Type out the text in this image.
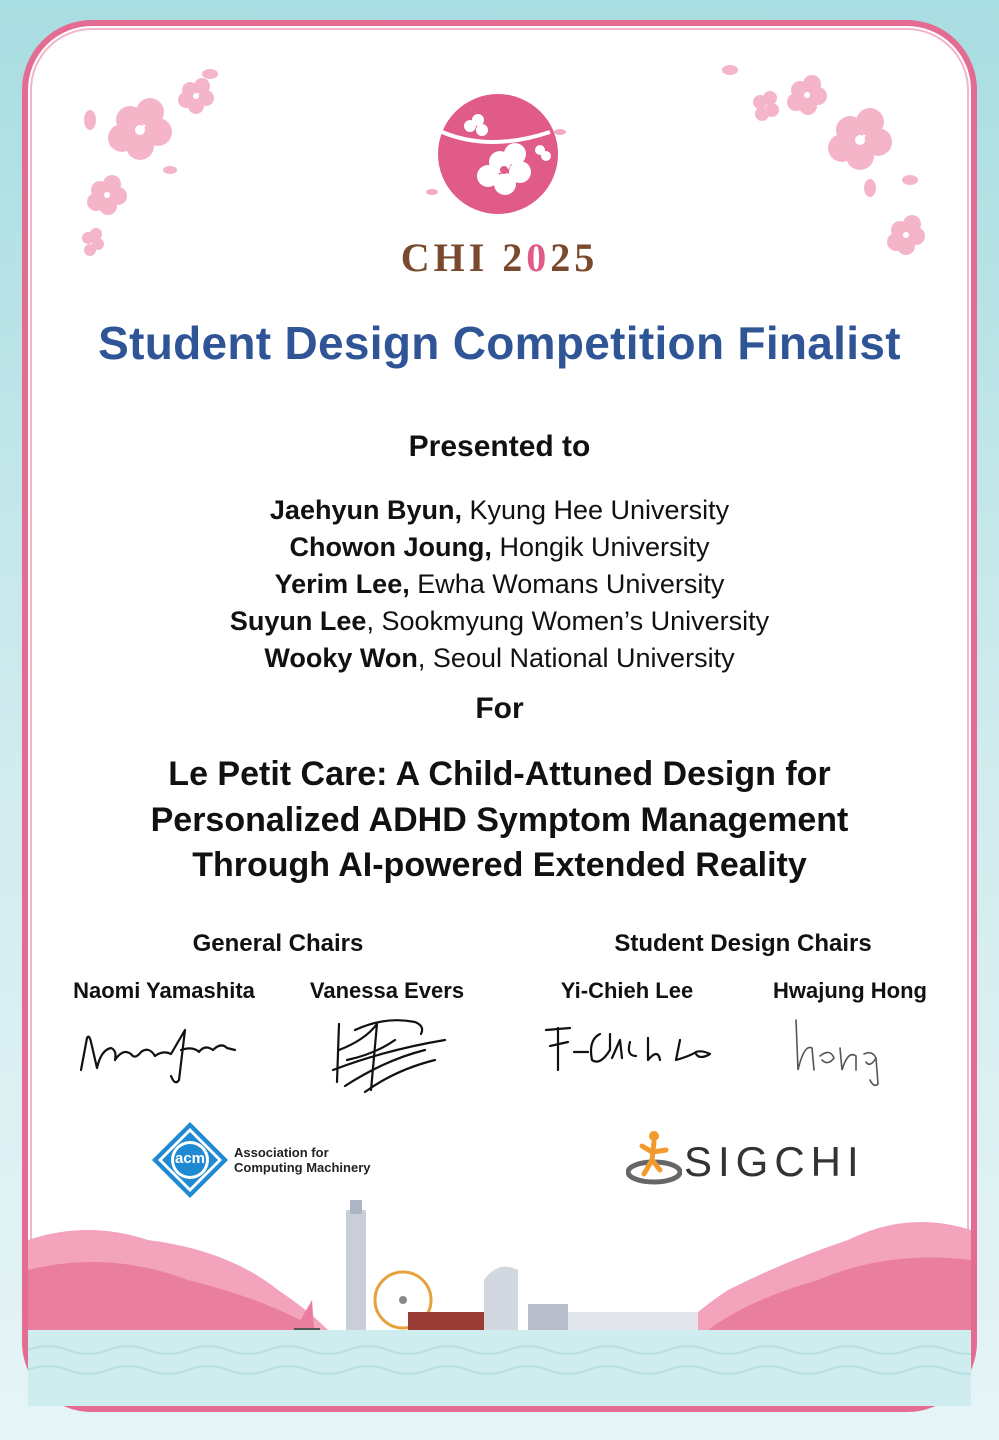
CHI 2025
Student Design Competition Finalist
Presented to
Jaehyun Byun, Kyung Hee University
Chowon Joung, Hongik University
Yerim Lee, Ewha Womans University
Suyun Lee, Sookmyung Women’s University
Wooky Won, Seoul National University
For
Le Petit Care: A Child-Attuned Design for
Personalized ADHD Symptom Management
Through AI-powered Extended Reality
General Chairs	Student Design Chairs
Naomi Yamashita	Vanessa Evers	Yi-Chieh Lee	Hwajung Hong
acm	Association for
Computing Machinery	SIGCHI
